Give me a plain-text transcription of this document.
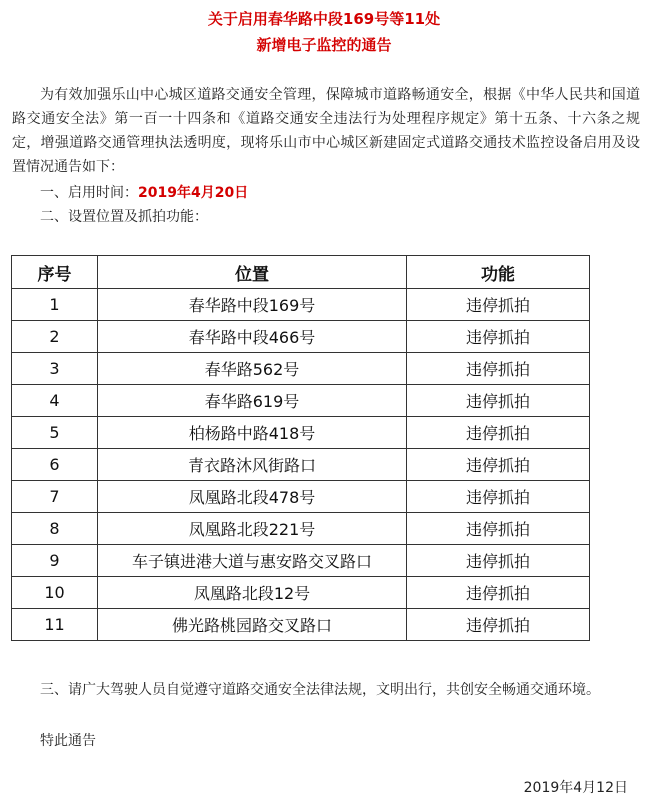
关于启用春华路中段169号等11处
新增电子监控的通告
为有效加强乐山中心城区道路交通安全管理，保障城市道路畅通安全，根据《中华人民共和国道路交通安全法》第一百一十四条和《道路交通安全违法行为处理程序规定》第十五条、十六条之规定，增强道路交通管理执法透明度，现将乐山市中心城区新建固定式道路交通技术监控设备启用及设置情况通告如下：
一、启用时间：2019年4月20日
二、设置位置及抓拍功能：
序号	位置	功能
1	春华路中段169号	违停抓拍
2	春华路中段466号	违停抓拍
3	春华路562号	违停抓拍
4	春华路619号	违停抓拍
5	柏杨路中路418号	违停抓拍
6	青衣路沐风街路口	违停抓拍
7	凤凰路北段478号	违停抓拍
8	凤凰路北段221号	违停抓拍
9	车子镇进港大道与惠安路交叉路口	违停抓拍
10	凤凰路北段12号	违停抓拍
11	佛光路桃园路交叉路口	违停抓拍
三、请广大驾驶人员自觉遵守道路交通安全法律法规，文明出行，共创安全畅通交通环境。
特此通告
2019年4月12日
